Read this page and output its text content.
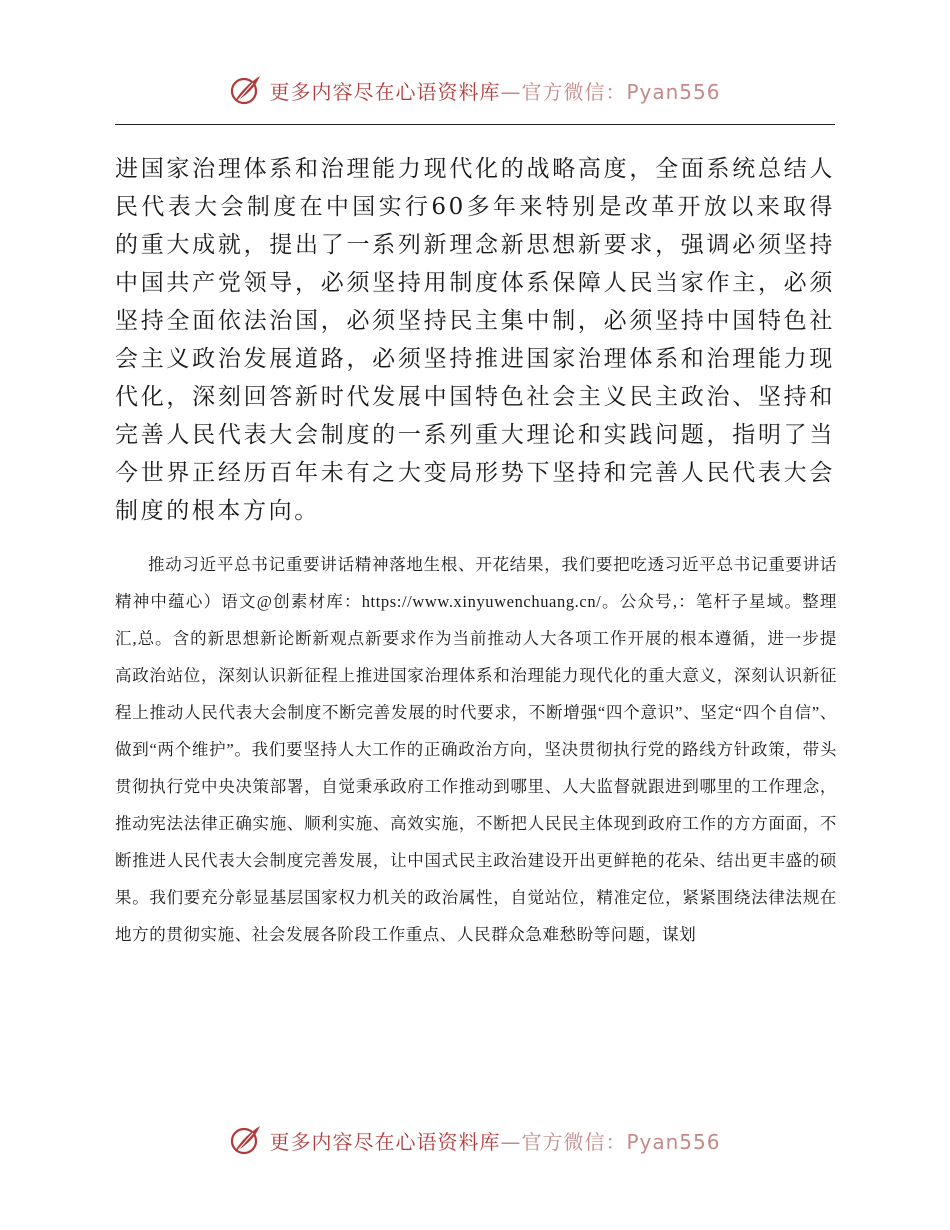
更多内容尽在心语资料库—官方微信：Pyan556

进国家治理体系和治理能力现代化的战略高度，全面系统总结人民代表大会制度在中国实行60多年来特别是改革开放以来取得的重大成就，提出了一系列新理念新思想新要求，强调必须坚持中国共产党领导，必须坚持用制度体系保障人民当家作主，必须坚持全面依法治国，必须坚持民主集中制，必须坚持中国特色社会主义政治发展道路，必须坚持推进国家治理体系和治理能力现代化，深刻回答新时代发展中国特色社会主义民主政治、坚持和完善人民代表大会制度的一系列重大理论和实践问题，指明了当今世界正经历百年未有之大变局形势下坚持和完善人民代表大会制度的根本方向。

推动习近平总书记重要讲话精神落地生根、开花结果，我们要把吃透习近平总书记重要讲话精神中蕴心）语文@创素材库：https://www.xinyuwenchuang.cn/。公众号,：笔杆子星域。整理汇,总。含的新思想新论断新观点新要求作为当前推动人大各项工作开展的根本遵循，进一步提高政治站位，深刻认识新征程上推进国家治理体系和治理能力现代化的重大意义，深刻认识新征程上推动人民代表大会制度不断完善发展的时代要求，不断增强“四个意识”、坚定“四个自信”、做到“两个维护”。我们要坚持人大工作的正确政治方向，坚决贯彻执行党的路线方针政策，带头贯彻执行党中央决策部署，自觉秉承政府工作推动到哪里、人大监督就跟进到哪里的工作理念，推动宪法法律正确实施、顺利实施、高效实施，不断把人民民主体现到政府工作的方方面面，不断推进人民代表大会制度完善发展，让中国式民主政治建设开出更鲜艳的花朵、结出更丰盛的硕果。我们要充分彰显基层国家权力机关的政治属性，自觉站位，精准定位，紧紧围绕法律法规在地方的贯彻实施、社会发展各阶段工作重点、人民群众急难愁盼等问题，谋划

更多内容尽在心语资料库—官方微信：Pyan556
